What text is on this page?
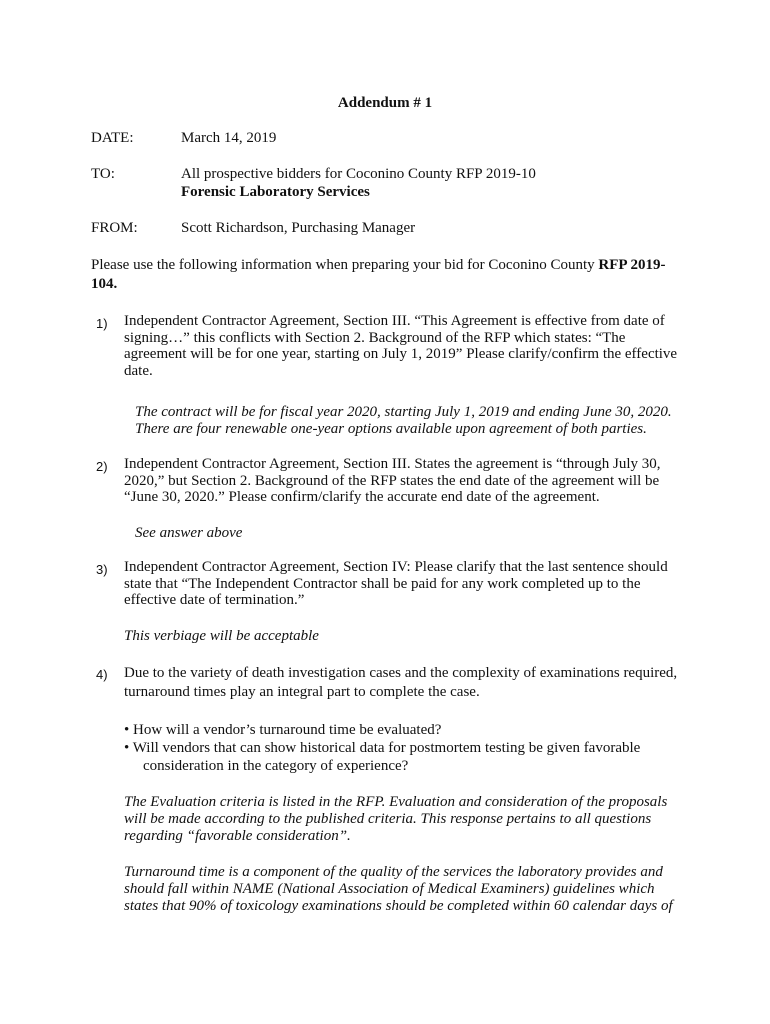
Addendum # 1
DATE:	March 14, 2019
TO:	All prospective bidders for Coconino County RFP 2019-10
Forensic Laboratory Services
FROM:	Scott Richardson, Purchasing Manager
Please use the following information when preparing your bid for Coconino County RFP 2019-104.
1) Independent Contractor Agreement, Section III. “This Agreement is effective from date of signing…” this conflicts with Section 2. Background of the RFP which states: “The agreement will be for one year, starting on July 1, 2019” Please clarify/confirm the effective date.
The contract will be for fiscal year 2020, starting July 1, 2019 and ending June 30, 2020. There are four renewable one-year options available upon agreement of both parties.
2) Independent Contractor Agreement, Section III. States the agreement is “through July 30, 2020,” but Section 2. Background of the RFP states the end date of the agreement will be “June 30, 2020.” Please confirm/clarify the accurate end date of the agreement.
See answer above
3) Independent Contractor Agreement, Section IV: Please clarify that the last sentence should state that “The Independent Contractor shall be paid for any work completed up to the effective date of termination.”
This verbiage will be acceptable
4) Due to the variety of death investigation cases and the complexity of examinations required, turnaround times play an integral part to complete the case.
• How will a vendor’s turnaround time be evaluated?
• Will vendors that can show historical data for postmortem testing be given favorable consideration in the category of experience?
The Evaluation criteria is listed in the RFP. Evaluation and consideration of the proposals will be made according to the published criteria. This response pertains to all questions regarding “favorable consideration”.
Turnaround time is a component of the quality of the services the laboratory provides and should fall within NAME (National Association of Medical Examiners) guidelines which states that 90% of toxicology examinations should be completed within 60 calendar days of
